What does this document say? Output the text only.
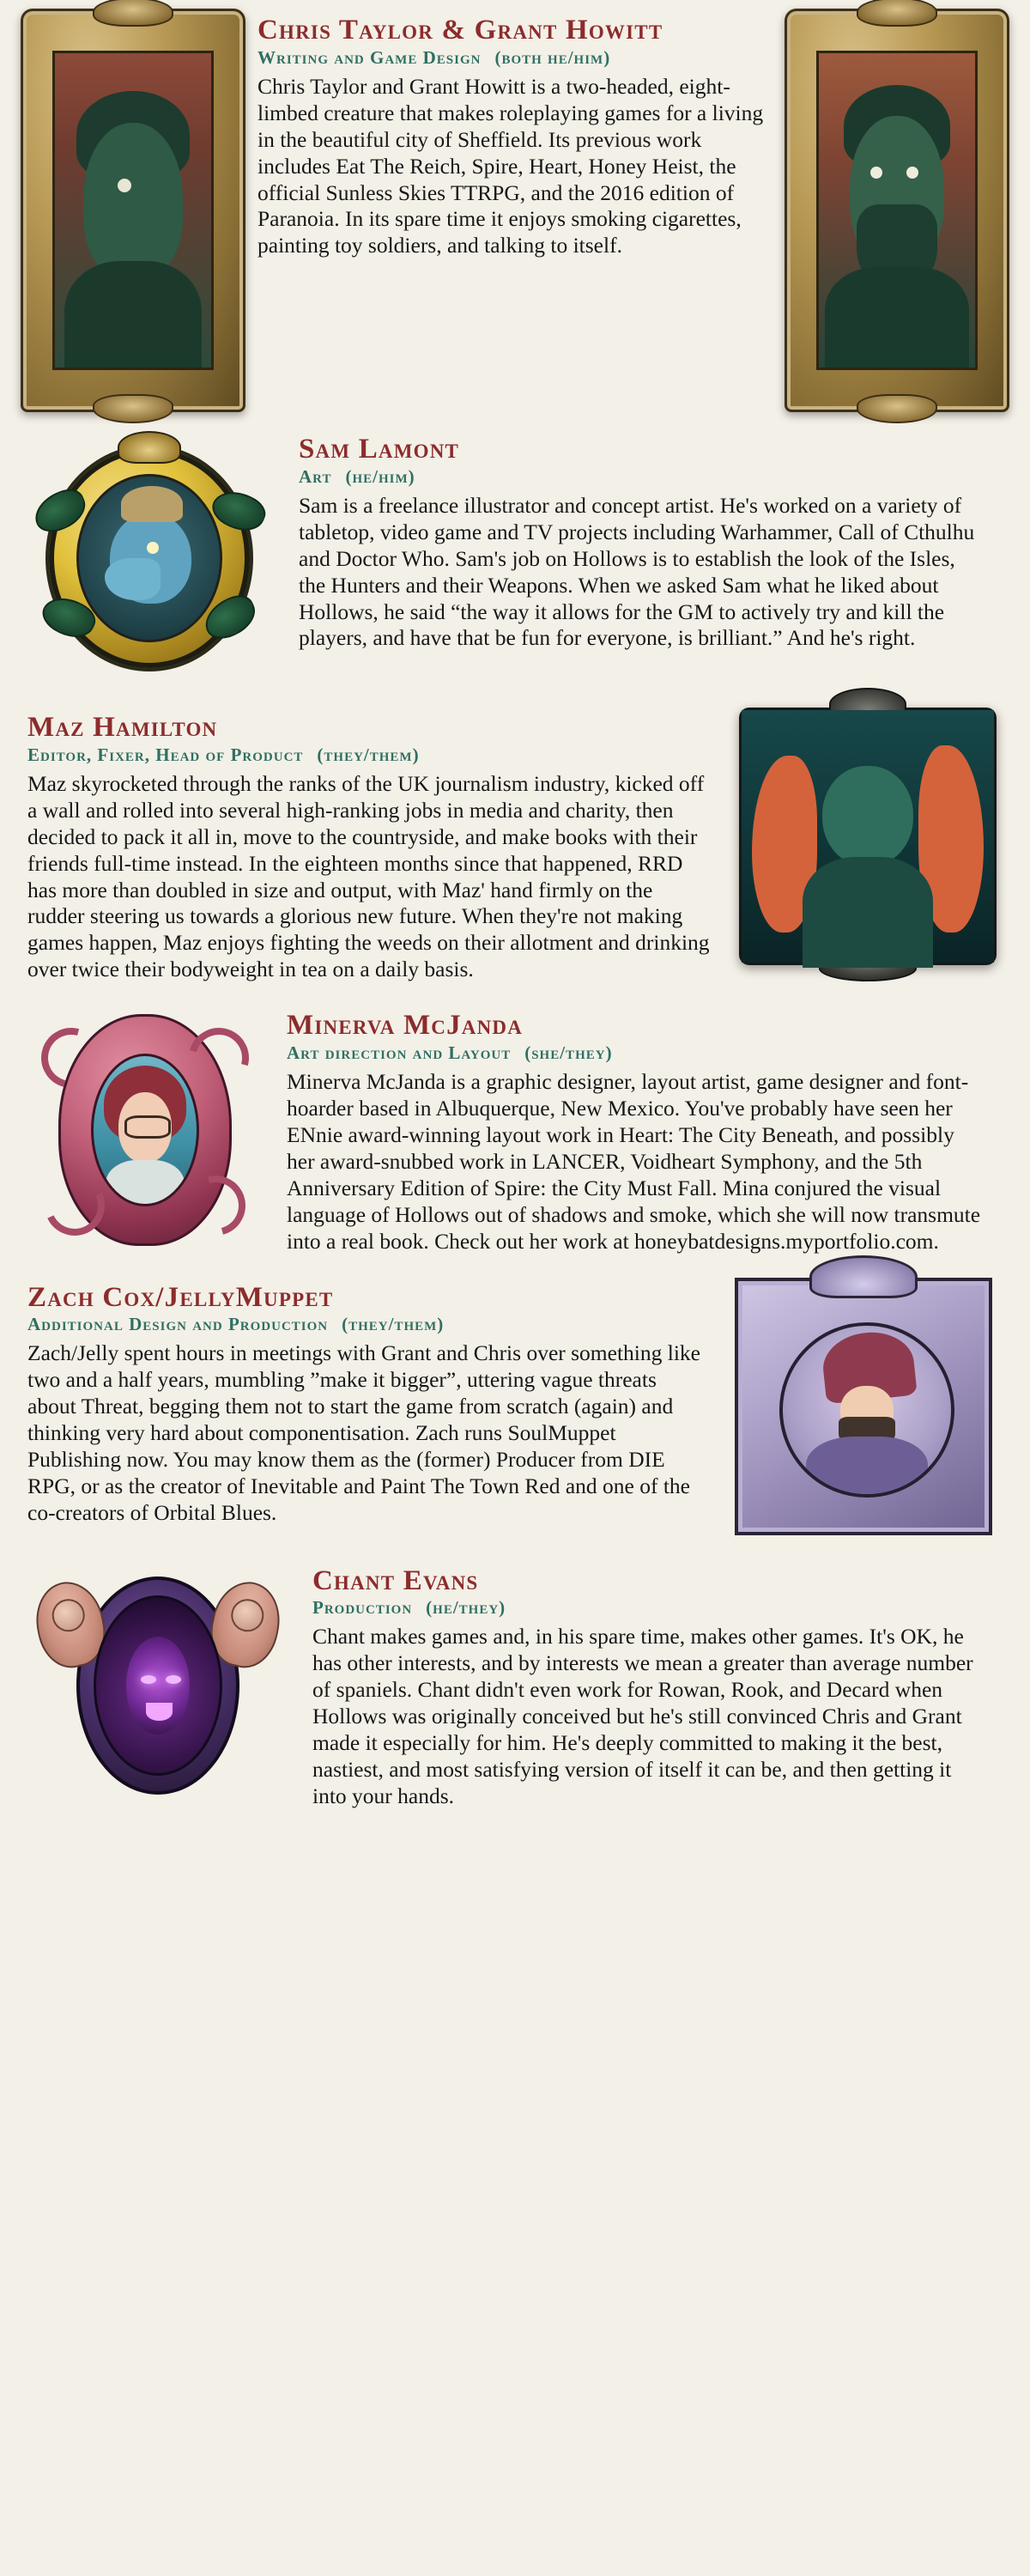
Chris Taylor & Grant Howitt
Writing and Game Design (both he/him)

Chris Taylor and Grant Howitt is a two-headed, eight-limbed creature that makes roleplaying games for a living in the beautiful city of Sheffield. Its previous work includes Eat The Reich, Spire, Heart, Honey Heist, the official Sunless Skies TTRPG, and the 2016 edition of Paranoia. In its spare time it enjoys smoking cigarettes, painting toy soldiers, and talking to itself.

Sam Lamont
Art (he/him)

Sam is a freelance illustrator and concept artist. He's worked on a variety of tabletop, video game and TV projects including Warhammer, Call of Cthulhu and Doctor Who. Sam's job on Hollows is to establish the look of the Isles, the Hunters and their Weapons. When we asked Sam what he liked about Hollows, he said “the way it allows for the GM to actively try and kill the players, and have that be fun for everyone, is brilliant.” And he's right.

Maz Hamilton
Editor, Fixer, Head of Product (they/them)

Maz skyrocketed through the ranks of the UK journalism industry, kicked off a wall and rolled into several high-ranking jobs in media and charity, then decided to pack it all in, move to the countryside, and make books with their friends full-time instead. In the eighteen months since that happened, RRD has more than doubled in size and output, with Maz' hand firmly on the rudder steering us towards a glorious new future. When they're not making games happen, Maz enjoys fighting the weeds on their allotment and drinking over twice their bodyweight in tea on a daily basis.

Minerva McJanda
Art direction and Layout (she/they)

Minerva McJanda is a graphic designer, layout artist, game designer and font-hoarder based in Albuquerque, New Mexico. You've probably have seen her ENnie award-winning layout work in Heart: The City Beneath, and possibly her award-snubbed work in LANCER, Voidheart Symphony, and the 5th Anniversary Edition of Spire: the City Must Fall. Mina conjured the visual language of Hollows out of shadows and smoke, which she will now transmute into a real book. Check out her work at honeybatdesigns.myportfolio.com.

Zach Cox/JellyMuppet
Additional Design and Production (they/them)

Zach/Jelly spent hours in meetings with Grant and Chris over something like two and a half years, mumbling ”make it bigger”, uttering vague threats about Threat, begging them not to start the game from scratch (again) and thinking very hard about componentisation. Zach runs SoulMuppet Publishing now. You may know them as the (former) Producer from DIE RPG, or as the creator of Inevitable and Paint The Town Red and one of the co-creators of Orbital Blues.

Chant Evans
Production (he/they)

Chant makes games and, in his spare time, makes other games. It's OK, he has other interests, and by interests we mean a greater than average number of spaniels. Chant didn't even work for Rowan, Rook, and Decard when Hollows was originally conceived but he's still convinced Chris and Grant made it especially for him. He's deeply committed to making it the best, nastiest, and most satisfying version of itself it can be, and then getting it into your hands.
